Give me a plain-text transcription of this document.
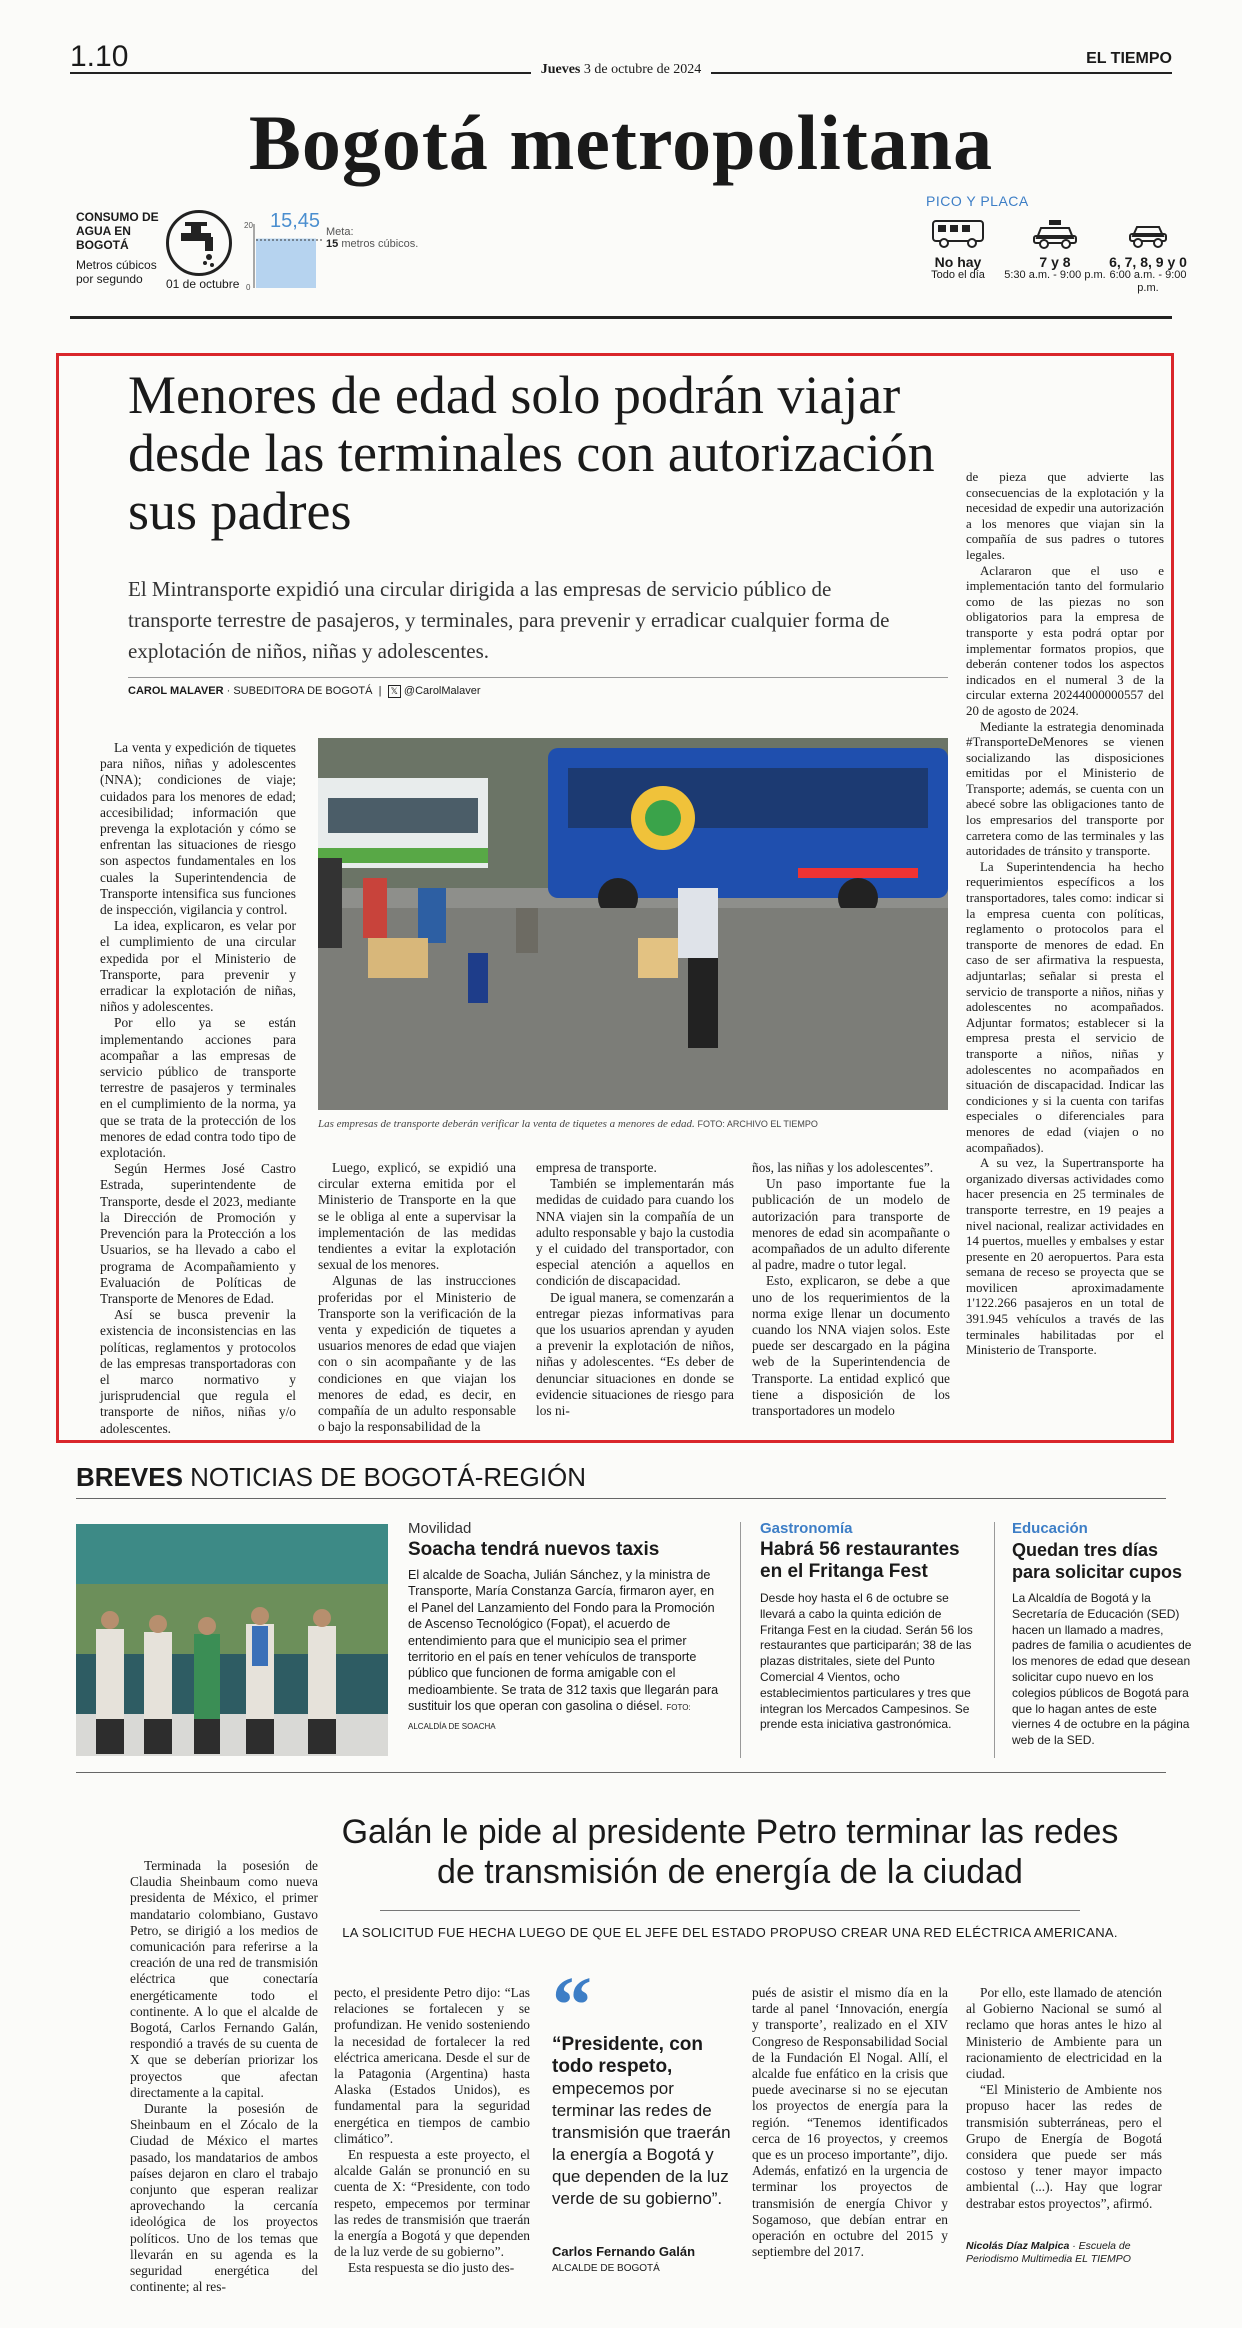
1.10	Jueves 3 de octubre de 2024
EL TIEMPO
Bogotá metropolitana
CONSUMO DE AGUA EN BOGOTÁ
Metros cúbicos por segundo	01 de octubre
15,45
20
0
Meta:
15 metros cúbicos.
PICO Y PLACA
No hay
Todo el día
7 y 8
5:30 a.m. - 9:00 p.m.
6, 7, 8, 9 y 0
6:00 a.m. - 9:00 p.m.
Menores de edad solo podrán viajar desde las terminales con autorización sus padres
El Mintransporte expidió una circular dirigida a las empresas de servicio público de transporte terrestre de pasajeros, y terminales, para prevenir y erradicar cualquier forma de explotación de niños, niñas y adolescentes.
CAROL MALAVER · SUBEDITORA DE BOGOTÁ  |  𝕏 @CarolMalaver

La venta y expedición de tiquetes para niños, niñas y adolescentes (NNA); condiciones de viaje; cuidados para los menores de edad; accesibilidad; información que prevenga la explotación y cómo se enfrentan las situaciones de riesgo son aspectos fundamentales en los cuales la Superintendencia de Transporte intensifica sus funciones de inspección, vigilancia y control.

La idea, explicaron, es velar por el cumplimiento de una circular expedida por el Ministerio de Transporte, para prevenir y erradicar la explotación de niñas, niños y adolescentes.

Por ello ya se están implementando acciones para acompañar a las empresas de servicio público de transporte terrestre de pasajeros y terminales en el cumplimiento de la norma, ya que se trata de la protección de los menores de edad contra todo tipo de explotación.

Según Hermes José Castro Estrada, superintendente de Transporte, desde el 2023, mediante la Dirección de Promoción y Prevención para la Protección a los Usuarios, se ha llevado a cabo el programa de Acompañamiento y Evaluación de Políticas de Transporte de Menores de Edad.

Así se busca prevenir la existencia de inconsistencias en las políticas, reglamentos y protocolos de las empresas transportadoras con el marco normativo y jurisprudencial que regula el transporte de niños, niñas y/o adolescentes.

Las empresas de transporte deberán verificar la venta de tiquetes a menores de edad. FOTO: ARCHIVO EL TIEMPO

Luego, explicó, se expidió una circular externa emitida por el Ministerio de Transporte en la que se le obliga al ente a supervisar la implementación de las medidas tendientes a evitar la explotación sexual de los menores.

Algunas de las instrucciones proferidas por el Ministerio de Transporte son la verificación de la venta y expedición de tiquetes a usuarios menores de edad que viajen con o sin acompañante y de las condiciones en que viajan los menores de edad, es decir, en compañía de un adulto responsable o bajo la responsabilidad de la

empresa de transporte.

También se implementarán más medidas de cuidado para cuando los NNA viajen sin la compañía de un adulto responsable y bajo la custodia y el cuidado del transportador, con especial atención a aquellos en condición de discapacidad.

De igual manera, se comenzarán a entregar piezas informativas para que los usuarios aprendan y ayuden a prevenir la explotación de niños, niñas y adolescentes. “Es deber de denunciar situaciones en donde se evidencie situaciones de riesgo para los ni-

ños, las niñas y los adolescentes”.

Un paso importante fue la publicación de un modelo de autorización para transporte de menores de edad sin acompañante o acompañados de un adulto diferente al padre, madre o tutor legal.

Esto, explicaron, se debe a que uno de los requerimientos de la norma exige llenar un documento cuando los NNA viajen solos. Este puede ser descargado en la página web de la Superintendencia de Transporte. La entidad explicó que tiene a disposición de los transportadores un modelo

de pieza que advierte las consecuencias de la explotación y la necesidad de expedir una autorización a los menores que viajan sin la compañía de sus padres o tutores legales.

Aclararon que el uso e implementación tanto del formulario como de las piezas no son obligatorios para la empresa de transporte y esta podrá optar por implementar formatos propios, que deberán contener todos los aspectos indicados en el numeral 3 de la circular externa 20244000000557 del 20 de agosto de 2024.

Mediante la estrategia denominada #TransporteDeMenores se vienen socializando las disposiciones emitidas por el Ministerio de Transporte; además, se cuenta con un abecé sobre las obligaciones tanto de los empresarios del transporte por carretera como de las terminales y las autoridades de tránsito y transporte.

La Superintendencia ha hecho requerimientos específicos a los transportadores, tales como: indicar si la empresa cuenta con políticas, reglamento o protocolos para el transporte de menores de edad. En caso de ser afirmativa la respuesta, adjuntarlas; señalar si presta el servicio de transporte a niños, niñas y adolescentes no acompañados. Adjuntar formatos; establecer si la empresa presta el servicio de transporte a niños, niñas y adolescentes no acompañados en situación de discapacidad. Indicar las condiciones y si la cuenta con tarifas especiales o diferenciales para menores de edad (viajen o no acompañados).

A su vez, la Supertransporte ha organizado diversas actividades como hacer presencia en 25 terminales de transporte terrestre, en 19 peajes a nivel nacional, realizar actividades en 14 puertos, muelles y embalses y estar presente en 20 aeropuertos. Para esta semana de receso se proyecta que se movilicen aproximadamente 1'122.266 pasajeros en un total de 391.945 vehículos a través de las terminales habilitadas por el Ministerio de Transporte.

BREVES NOTICIAS DE BOGOTÁ-REGIÓN
Movilidad
Soacha tendrá nuevos taxis
El alcalde de Soacha, Julián Sánchez, y la ministra de Transporte, María Constanza García, firmaron ayer, en el Panel del Lanzamiento del Fondo para la Promoción de Ascenso Tecnológico (Fopat), el acuerdo de entendimiento para que el municipio sea el primer territorio en el país en tener vehículos de transporte público que funcionen de forma amigable con el medioambiente. Se trata de 312 taxis que llegarán para sustituir los que operan con gasolina o diésel. FOTO: ALCALDÍA DE SOACHA
Gastronomía
Habrá 56 restaurantes en el Fritanga Fest
Desde hoy hasta el 6 de octubre se llevará a cabo la quinta edición de Fritanga Fest en la ciudad. Serán 56 los restaurantes que participarán; 38 de las plazas distritales, siete del Punto Comercial 4 Vientos, ocho establecimientos particulares y tres que integran los Mercados Campesinos. Se prende esta iniciativa gastronómica.
Educación
Quedan tres días para solicitar cupos
La Alcaldía de Bogotá y la Secretaría de Educación (SED) hacen un llamado a madres, padres de familia o acudientes de los menores de edad que desean solicitar cupo nuevo en los colegios públicos de Bogotá para que lo hagan antes de este viernes 4 de octubre en la página web de la SED.
Galán le pide al presidente Petro terminar las redes de transmisión de energía de la ciudad
LA SOLICITUD FUE HECHA LUEGO DE QUE EL JEFE DEL ESTADO PROPUSO CREAR UNA RED ELÉCTRICA AMERICANA.

Terminada la posesión de Claudia Sheinbaum como nueva presidenta de México, el primer mandatario colombiano, Gustavo Petro, se dirigió a los medios de comunicación para referirse a la creación de una red de transmisión eléctrica que conectaría energéticamente todo el continente. A lo que el alcalde de Bogotá, Carlos Fernando Galán, respondió a través de su cuenta de X que se deberían priorizar los proyectos que afectan directamente a la capital.

Durante la posesión de Sheinbaum en el Zócalo de la Ciudad de México el martes pasado, los mandatarios de ambos países dejaron en claro el trabajo conjunto que esperan realizar aprovechando la cercanía ideológica de los proyectos políticos. Uno de los temas que llevarán en su agenda es la seguridad energética del continente; al res-

pecto, el presidente Petro dijo: “Las relaciones se fortalecen y se profundizan. He venido sosteniendo la necesidad de fortalecer la red eléctrica americana. Desde el sur de la Patagonia (Argentina) hasta Alaska (Estados Unidos), es fundamental para la seguridad energética en tiempos de cambio climático”.

En respuesta a este proyecto, el alcalde Galán se pronunció en su cuenta de X: “Presidente, con todo respeto, empecemos por terminar las redes de transmisión que traerán la energía a Bogotá y que dependen de la luz verde de su gobierno”.

Esta respuesta se dio justo des-

“
“Presidente, con todo respeto, empecemos por terminar las redes de transmisión que traerán la energía a Bogotá y que dependen de la luz verde de su gobierno”.
Carlos Fernando Galán
ALCALDE DE BOGOTÁ

pués de asistir el mismo día en la tarde al panel ‘Innovación, energía y transporte’, realizado en el XIV Congreso de Responsabilidad Social de la Fundación El Nogal. Allí, el alcalde fue enfático en la crisis que puede avecinarse si no se ejecutan los proyectos de energía para la región. “Tenemos identificados cerca de 16 proyectos, y creemos que es un proceso importante”, dijo. Además, enfatizó en la urgencia de terminar los proyectos de transmisión de energía Chivor y Sogamoso, que debían entrar en operación en octubre del 2015 y septiembre del 2017.

Por ello, este llamado de atención al Gobierno Nacional se sumó al reclamo que horas antes le hizo al Ministerio de Ambiente para un racionamiento de electricidad en la ciudad.

“El Ministerio de Ambiente nos propuso hacer las redes de transmisión subterráneas, pero el Grupo de Energía de Bogotá considera que puede ser más costoso y tener mayor impacto ambiental (...). Hay que lograr destrabar estos proyectos”, afirmó.

Nicolás Díaz Malpica · Escuela de Periodismo Multimedia EL TIEMPO
